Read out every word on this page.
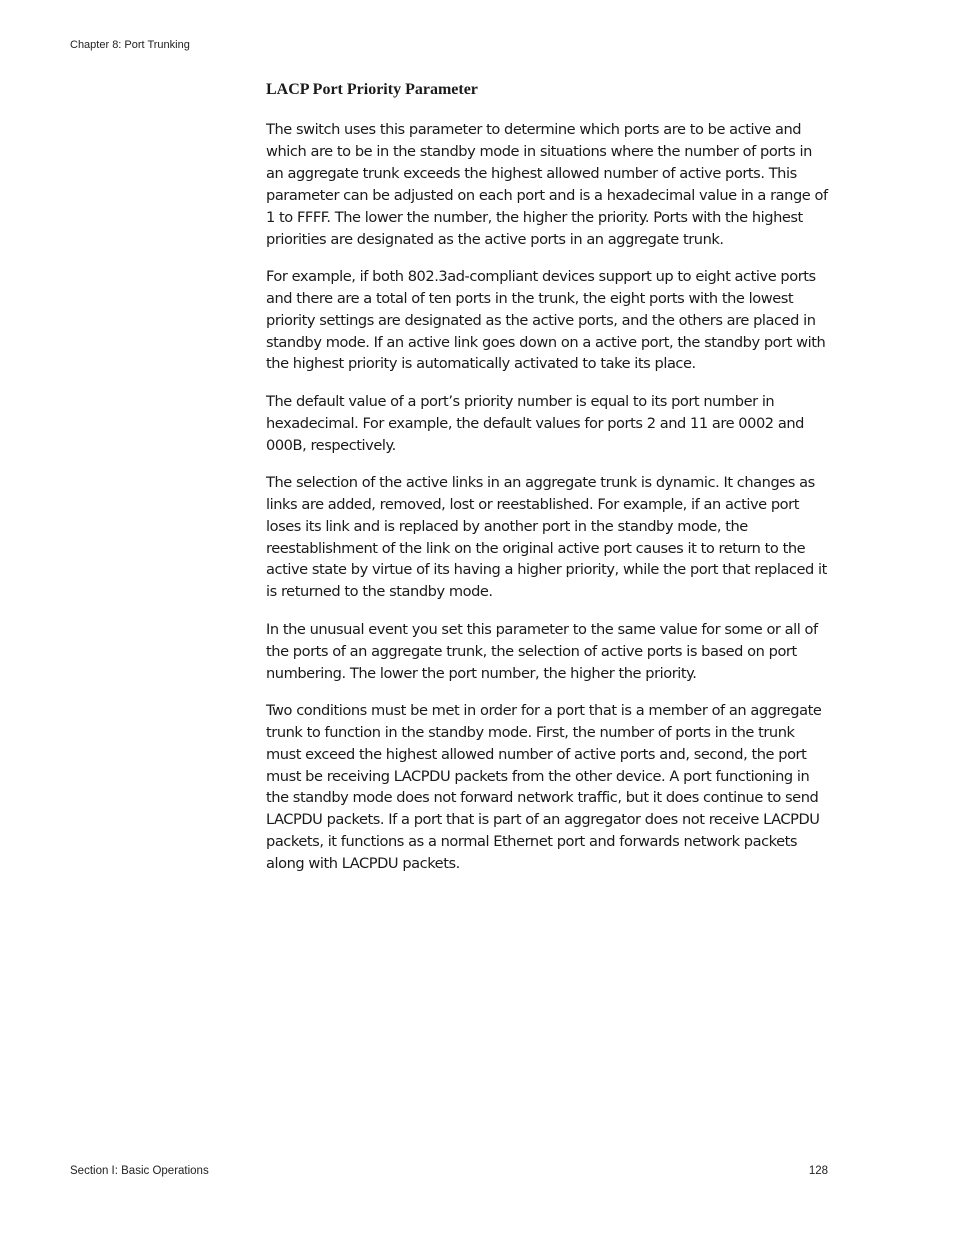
Chapter 8: Port Trunking
LACP Port Priority Parameter

The switch uses this parameter to determine which ports are to be active and which are to be in the standby mode in situations where the number of ports in an aggregate trunk exceeds the highest allowed number of active ports. This parameter can be adjusted on each port and is a hexadecimal value in a range of 1 to FFFF. The lower the number, the higher the priority. Ports with the highest priorities are designated as the active ports in an aggregate trunk.

For example, if both 802.3ad-compliant devices support up to eight active ports and there are a total of ten ports in the trunk, the eight ports with the lowest priority settings are designated as the active ports, and the others are placed in standby mode. If an active link goes down on a active port, the standby port with the highest priority is automatically activated to take its place.

The default value of a port’s priority number is equal to its port number in hexadecimal. For example, the default values for ports 2 and 11 are 0002 and 000B, respectively.

The selection of the active links in an aggregate trunk is dynamic. It changes as links are added, removed, lost or reestablished. For example, if an active port loses its link and is replaced by another port in the standby mode, the reestablishment of the link on the original active port causes it to return to the active state by virtue of its having a higher priority, while the port that replaced it is returned to the standby mode.

In the unusual event you set this parameter to the same value for some or all of the ports of an aggregate trunk, the selection of active ports is based on port numbering. The lower the port number, the higher the priority.

Two conditions must be met in order for a port that is a member of an aggregate trunk to function in the standby mode. First, the number of ports in the trunk must exceed the highest allowed number of active ports and, second, the port must be receiving LACPDU packets from the other device. A port functioning in the standby mode does not forward network traffic, but it does continue to send LACPDU packets. If a port that is part of an aggregator does not receive LACPDU packets, it functions as a normal Ethernet port and forwards network packets along with LACPDU packets.

Section I: Basic Operations	128
